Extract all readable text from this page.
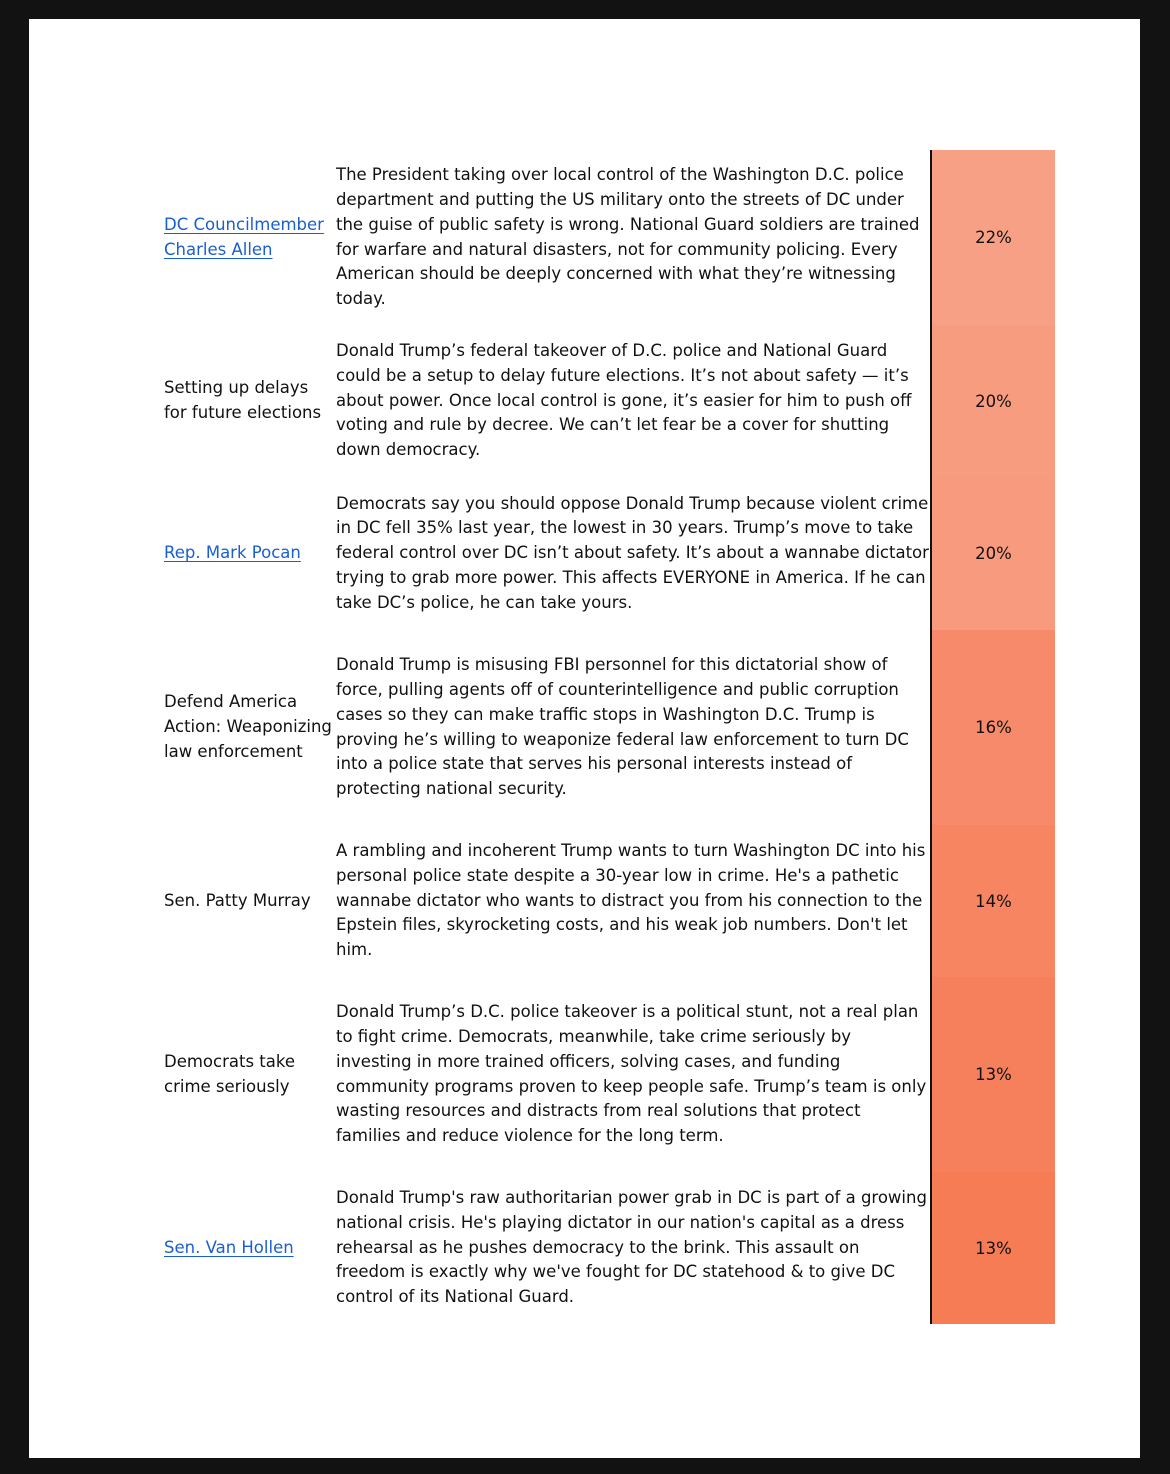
DC Councilmember Charles Allen
The President taking over local control of the Washington D.C. police department and putting the US military onto the streets of DC under the guise of public safety is wrong. National Guard soldiers are trained for warfare and natural disasters, not for community policing. Every American should be deeply concerned with what they’re witnessing today.
22%
Setting up delays for future elections
Donald Trump’s federal takeover of D.C. police and National Guard could be a setup to delay future elections. It’s not about safety — it’s about power. Once local control is gone, it’s easier for him to push off voting and rule by decree. We can’t let fear be a cover for shutting down democracy.
20%
Rep. Mark Pocan
Democrats say you should oppose Donald Trump because violent crime in DC fell 35% last year, the lowest in 30 years. Trump’s move to take federal control over DC isn’t about safety. It’s about a wannabe dictator trying to grab more power. This affects EVERYONE in America. If he can take DC’s police, he can take yours.
20%
Defend America Action: Weaponizing law enforcement
Donald Trump is misusing FBI personnel for this dictatorial show of force, pulling agents off of counterintelligence and public corruption cases so they can make traffic stops in Washington D.C. Trump is proving he’s willing to weaponize federal law enforcement to turn DC into a police state that serves his personal interests instead of protecting national security.
16%
Sen. Patty Murray
A rambling and incoherent Trump wants to turn Washington DC into his personal police state despite a 30-year low in crime. He's a pathetic wannabe dictator who wants to distract you from his connection to the Epstein files, skyrocketing costs, and his weak job numbers. Don't let him.
14%
Democrats take crime seriously
Donald Trump’s D.C. police takeover is a political stunt, not a real plan to fight crime. Democrats, meanwhile, take crime seriously by investing in more trained officers, solving cases, and funding community programs proven to keep people safe. Trump’s team is only wasting resources and distracts from real solutions that protect families and reduce violence for the long term.
13%
Sen. Van Hollen
Donald Trump's raw authoritarian power grab in DC is part of a growing national crisis. He's playing dictator in our nation's capital as a dress rehearsal as he pushes democracy to the brink. This assault on freedom is exactly why we've fought for DC statehood & to give DC control of its National Guard.
13%
